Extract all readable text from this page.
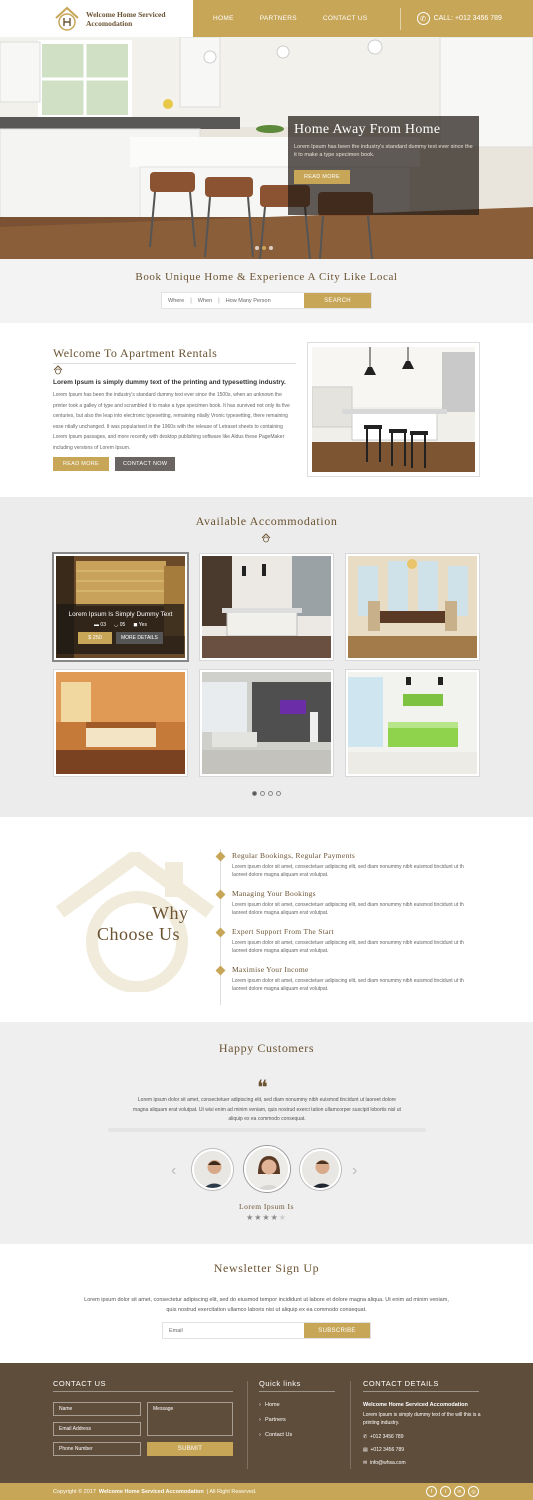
Welcome Home Serviced
Accomodation	HOME	PARTNERS	CONTACT US	✆	CALL: +012 3456 789
Home Away From Home

Lorem Ipsum has been the industry's standard dummy text ever since the it to make a type specimen book.

READ MORE
Book Unique Home & Experience A City Like Local
Where	|	When	|	How Many Person	SEARCH
Welcome To Apartment Rentals
Lorem Ipsum is simply dummy text of the printing and typesetting industry.
Lorem Ipsum has been the industry's standard dummy text ever since the 1500s, when an unknown the printer took a galley of type and scrambled it to make a type specimen book. It has survived not only its five centuries, but also the leap into electronic typesetting, remaining ntially Vronic typesetting, there remaining esse ntially unchanged. It was popularised in the 1960s with the release of Letraset sheets to containing Lorem Ipsum passages, and more recently with desktop publishing software like Aldus these PageMaker including versions of Lorem Ipsum.
READ MORE	CONTACT NOW
Available Accommodation
Lorem Ipsum Is Simply Dummy Text
▬ 03 ◡ 05 ◼ Yes
$ 250	MORE DETAILS
Why
Choose Us
Regular Bookings, Regular Payments
Lorem ipsum dolor sit amet, consectetuer adipiscing elit, sed diam nonummy nibh euismod tincidunt ut th laoreet dolore magna aliquam erat volutpat.
Managing Your Bookings
Lorem ipsum dolor sit amet, consectetuer adipiscing elit, sed diam nonummy nibh euismod tincidunt ut th laoreet dolore magna aliquam erat volutpat.
Expert Support From The Start
Lorem ipsum dolor sit amet, consectetuer adipiscing elit, sed diam nonummy nibh euismod tincidunt ut th laoreet dolore magna aliquam erat volutpat.
Maximise Your Income
Lorem ipsum dolor sit amet, consectetuer adipiscing elit, sed diam nonummy nibh euismod tincidunt ut th laoreet dolore magna aliquam erat volutpat.
Happy Customers
❝
Lorem ipsum dolor sit amet, consectetuer adipiscing elit, sed diam nonummy nibh euismod tincidunt ut laoreet dolore magna aliquam erat volutpat. Ut wisi enim ad minim veniam, quis nostrud exerci tation ullamcorper suscipit lobortis nisl ut aliquip ex ea commodo consequat.
‹	›
Lorem Ipsum Is
★★★★★
Newsletter Sign Up
Lorem ipsum dolor sit amet, consectetur adipiscing elit, sed do eiusmod tempor incididunt ut labore et dolore magna aliqua. Ut enim ad minim veniam, quis nostrud exercitation ullamco laboris nisi ut aliquip ex ea commodo consequat.
Email	SUBSCRIBE
CONTACT US
Name
Email Address
Phone Number
Message
SUBMIT
Quick links
› Home
› Partners
› Contact Us
CONTACT DETAILS
Welcome Home Serviced Accomodation
Lorem Ipsum is simply dummy text of the will this is a printing industry.
✆ +012 3456 789
▤ +012 3456 789
✉ info@whsa.com
Copyright © 2017 Welcome Home Serviced Accomodation | All Right Reserved.	f	t	in	◎
